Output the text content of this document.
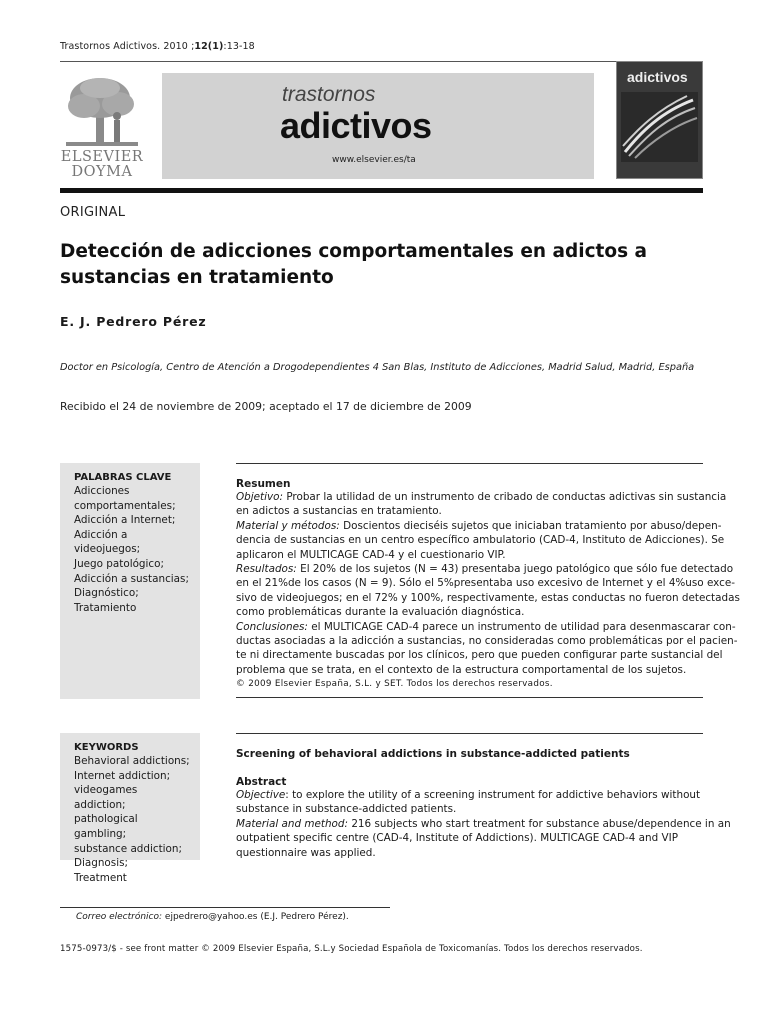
Trastornos Adictivos. 2010 ;12(1):13-18
ELSEVIER
DOYMA
trastornos
adictivos
www.elsevier.es/ta
adictivos
ORIGINAL
Detección de adicciones comportamentales en adictos a sustancias en tratamiento
E. J. Pedrero Pérez
Doctor en Psicología, Centro de Atención a Drogodependientes 4 San Blas, Instituto de Adicciones, Madrid Salud, Madrid, España
Recibido el 24 de noviembre de 2009; aceptado el 17 de diciembre de 2009
PALABRAS CLAVE
Adicciones
comportamentales;
Adicción a Internet;
Adicción a videojuegos;
Juego patológico;
Adicción a sustancias;
Diagnóstico;
Tratamiento
Resumen
Objetivo: Probar la utilidad de un instrumento de cribado de conductas adictivas sin sustancia
en adictos a sustancias en tratamiento.
Material y métodos: Doscientos dieciséis sujetos que iniciaban tratamiento por abuso/depen-
dencia de sustancias en un centro específico ambulatorio (CAD-4, Instituto de Adicciones). Se
aplicaron el MULTICAGE CAD-4 y el cuestionario VIP.
Resultados: El 20% de los sujetos (N = 43) presentaba juego patológico que sólo fue detectado
en el 21%de los casos (N = 9). Sólo el 5%presentaba uso excesivo de Internet y el 4%uso exce-
sivo de videojuegos; en el 72% y 100%, respectivamente, estas conductas no fueron detectadas
como problemáticas durante la evaluación diagnóstica.
Conclusiones: el MULTICAGE CAD-4 parece un instrumento de utilidad para desenmascarar con-
ductas asociadas a la adicción a sustancias, no consideradas como problemáticas por el pacien-
te ni directamente buscadas por los clínicos, pero que pueden configurar parte sustancial del
problema que se trata, en el contexto de la estructura comportamental de los sujetos.
© 2009 Elsevier España, S.L. y SET. Todos los derechos reservados.
KEYWORDS
Behavioral addictions;
Internet addiction;
videogames addiction;
pathological gambling;
substance addiction;
Diagnosis;
Treatment
Screening of behavioral addictions in substance-addicted patients
Abstract
Objective: to explore the utility of a screening instrument for addictive behaviors without
substance in substance-addicted patients.
Material and method: 216 subjects who start treatment for substance abuse/dependence in an
outpatient specific centre (CAD-4, Institute of Addictions). MULTICAGE CAD-4 and VIP
questionnaire was applied.
Correo electrónico: ejpedrero@yahoo.es (E.J. Pedrero Pérez).
1575-0973/$ - see front matter © 2009 Elsevier España, S.L.y Sociedad Española de Toxicomanías. Todos los derechos reservados.
